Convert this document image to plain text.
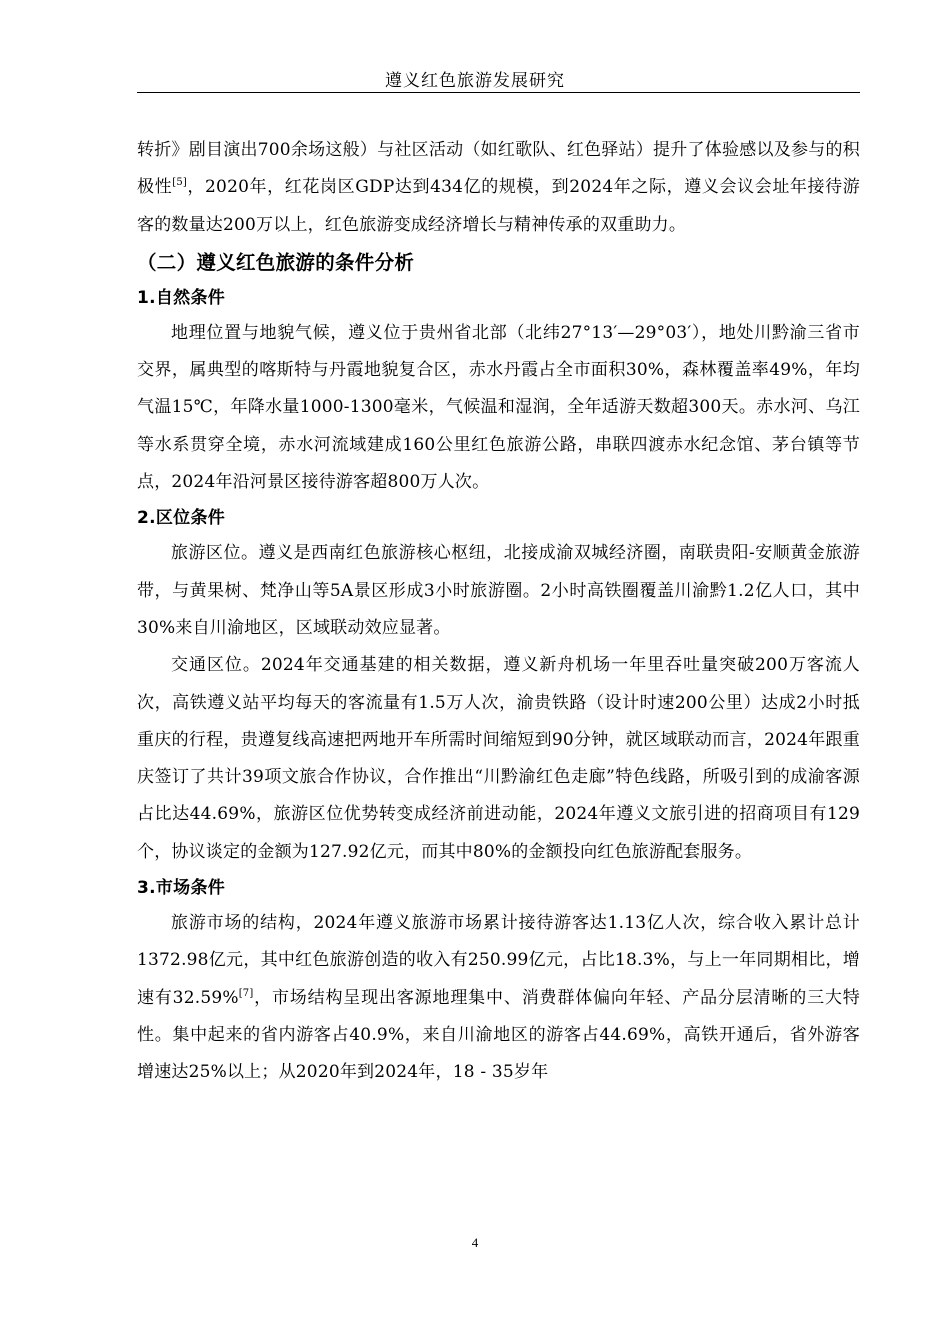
遵义红色旅游发展研究

转折》剧目演出700余场这般）与社区活动（如红歌队、红色驿站）提升了体验感以及参与的积极性[5]，2020年，红花岗区GDP达到434亿的规模，到2024年之际，遵义会议会址年接待游客的数量达200万以上，红色旅游变成经济增长与精神传承的双重助力。

（二）遵义红色旅游的条件分析
1.自然条件

地理位置与地貌气候，遵义位于贵州省北部（北纬27°13′—29°03′），地处川黔渝三省市交界，属典型的喀斯特与丹霞地貌复合区，赤水丹霞占全市面积30%，森林覆盖率49%，年均气温15℃，年降水量1000-1300毫米，气候温和湿润，全年适游天数超300天。赤水河、乌江等水系贯穿全境，赤水河流域建成160公里红色旅游公路，串联四渡赤水纪念馆、茅台镇等节点，2024年沿河景区接待游客超800万人次。

2.区位条件

旅游区位。遵义是西南红色旅游核心枢纽，北接成渝双城经济圈，南联贵阳-安顺黄金旅游带，与黄果树、梵净山等5A景区形成3小时旅游圈。2小时高铁圈覆盖川渝黔1.2亿人口，其中30%来自川渝地区，区域联动效应显著。

交通区位。2024年交通基建的相关数据，遵义新舟机场一年里吞吐量突破200万客流人次，高铁遵义站平均每天的客流量有1.5万人次，渝贵铁路（设计时速200公里）达成2小时抵重庆的行程，贵遵复线高速把两地开车所需时间缩短到90分钟，就区域联动而言，2024年跟重庆签订了共计39项文旅合作协议，合作推出“川黔渝红色走廊”特色线路，所吸引到的成渝客源占比达44.69%，旅游区位优势转变成经济前进动能，2024年遵义文旅引进的招商项目有129个，协议谈定的金额为127.92亿元，而其中80%的金额投向红色旅游配套服务。

3.市场条件

旅游市场的结构，2024年遵义旅游市场累计接待游客达1.13亿人次，综合收入累计总计1372.98亿元，其中红色旅游创造的收入有250.99亿元，占比18.3%，与上一年同期相比，增速有32.59%[7]，市场结构呈现出客源地理集中、消费群体偏向年轻、产品分层清晰的三大特性。集中起来的省内游客占40.9%，来自川渝地区的游客占44.69%，高铁开通后，省外游客增速达25%以上；从2020年到2024年，18 - 35岁年

4
